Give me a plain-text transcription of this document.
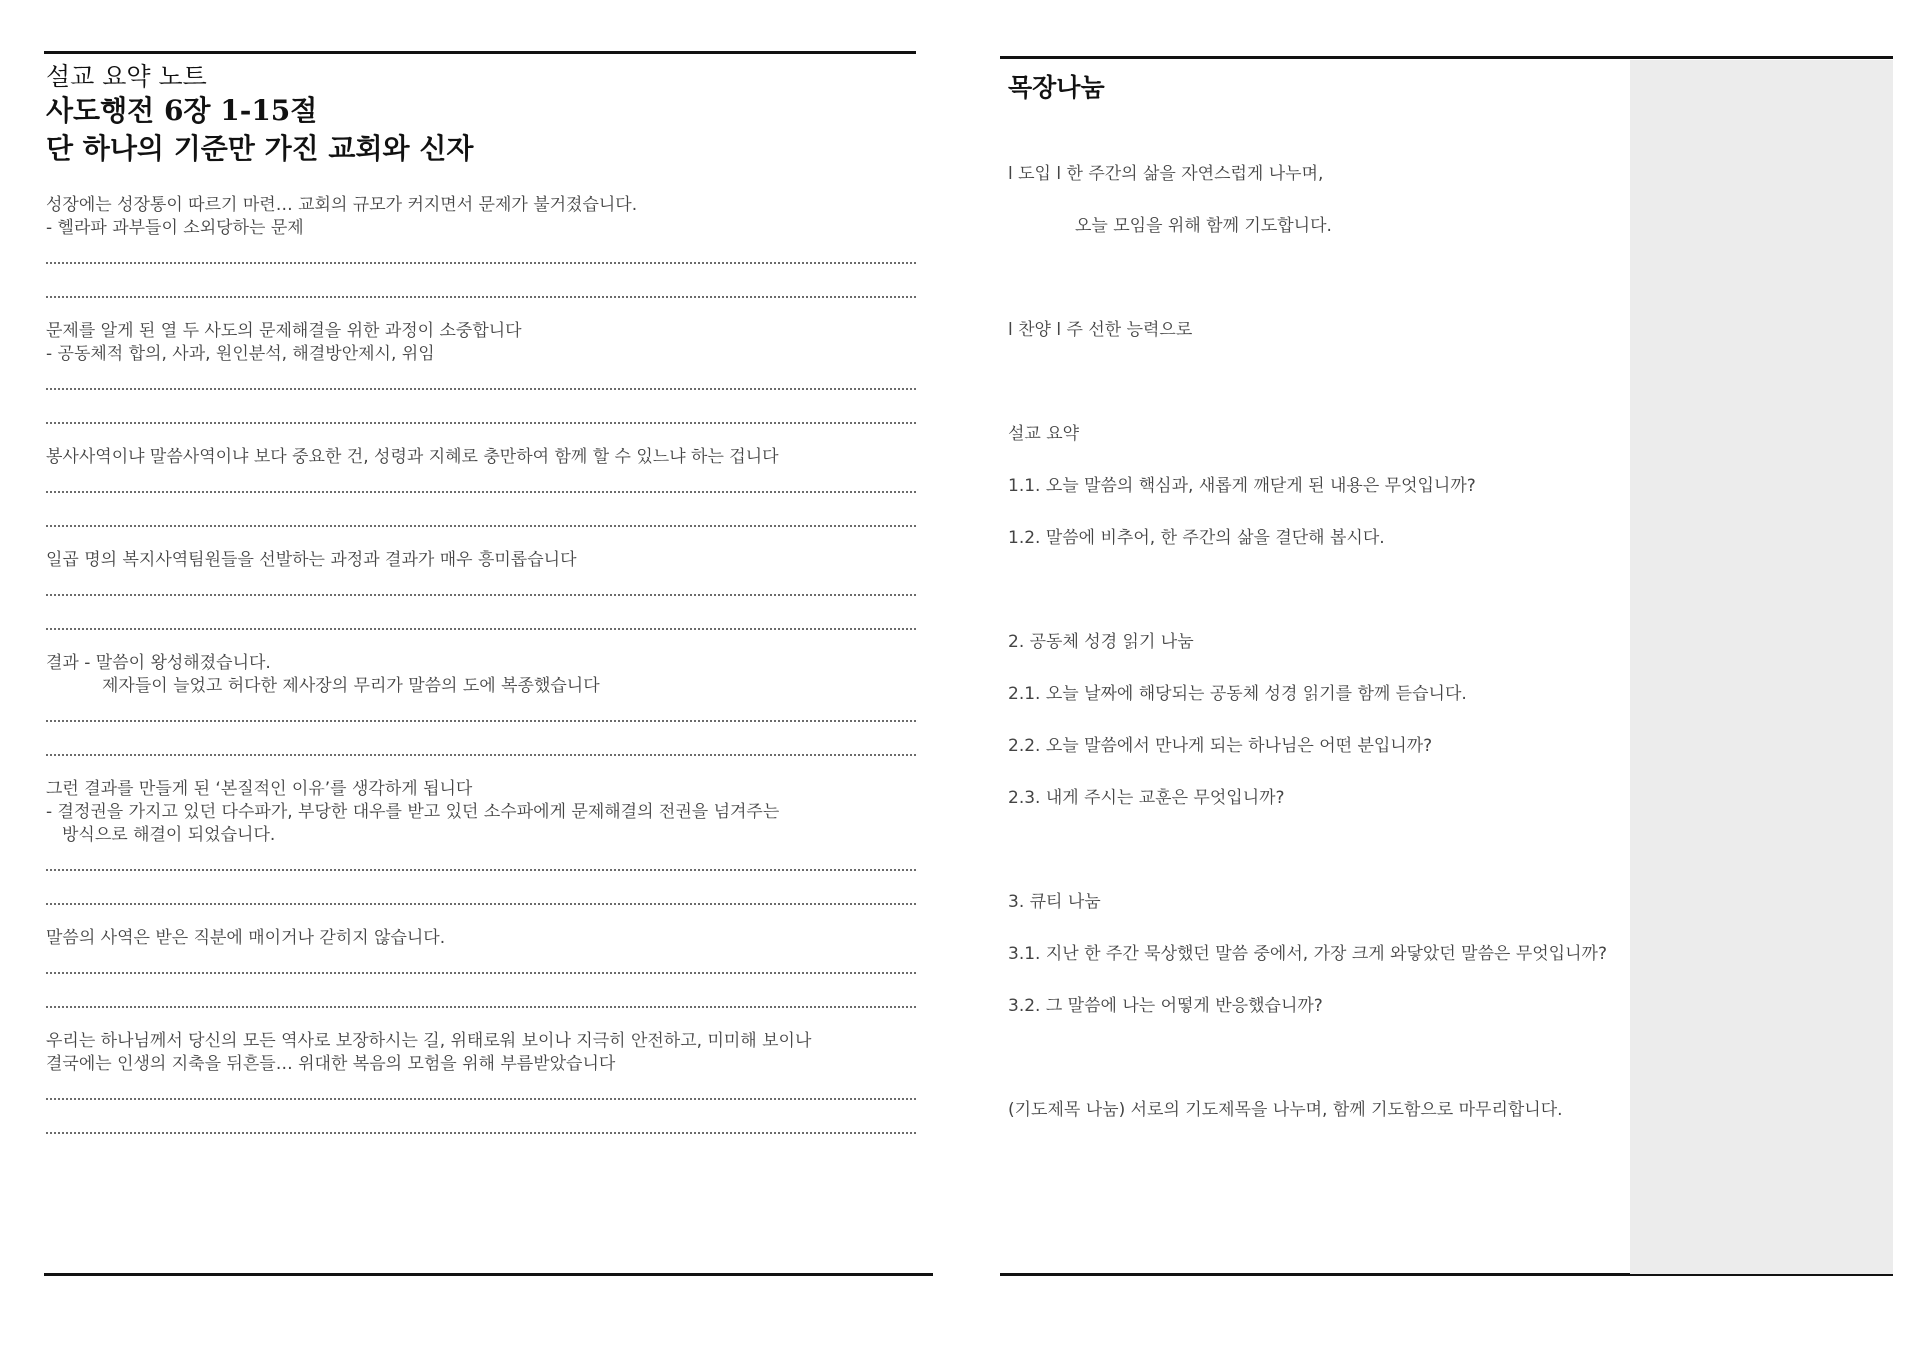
설교 요약 노트
사도행전 6장 1-15절
단 하나의 기준만 가진 교회와 신자
성장에는 성장통이 따르기 마련… 교회의 규모가 커지면서 문제가 불거졌습니다.
- 헬라파 과부들이 소외당하는 문제
문제를 알게 된 열 두 사도의 문제해결을 위한 과정이 소중합니다
- 공동체적 합의, 사과, 원인분석, 해결방안제시, 위임
봉사사역이냐 말씀사역이냐 보다 중요한 건, 성령과 지혜로 충만하여 함께 할 수 있느냐 하는 겁니다
일곱 명의 복지사역팀원들을 선발하는 과정과 결과가 매우 흥미롭습니다
결과 - 말씀이 왕성해졌습니다.
제자들이 늘었고 허다한 제사장의 무리가 말씀의 도에 복종했습니다
그런 결과를 만들게 된 ‘본질적인 이유’를 생각하게 됩니다
- 결정권을 가지고 있던 다수파가, 부당한 대우를 받고 있던 소수파에게 문제해결의 전권을 넘겨주는
방식으로 해결이 되었습니다.
말씀의 사역은 받은 직분에 매이거나 갇히지 않습니다.
우리는 하나님께서 당신의 모든 역사로 보장하시는 길, 위태로워 보이나 지극히 안전하고, 미미해 보이나
결국에는 인생의 지축을 뒤흔들… 위대한 복음의 모험을 위해 부름받았습니다
목장나눔
l 도입 l 한 주간의 삶을 자연스럽게 나누며,
오늘 모임을 위해 함께 기도합니다.
l 찬양 l 주 선한 능력으로
설교 요약
1.1. 오늘 말씀의 핵심과, 새롭게 깨닫게 된 내용은 무엇입니까?
1.2. 말씀에 비추어, 한 주간의 삶을 결단해 봅시다.
2. 공동체 성경 읽기 나눔
2.1. 오늘 날짜에 해당되는 공동체 성경 읽기를 함께 듣습니다.
2.2. 오늘 말씀에서 만나게 되는 하나님은 어떤 분입니까?
2.3. 내게 주시는 교훈은 무엇입니까?
3. 큐티 나눔
3.1. 지난 한 주간 묵상했던 말씀 중에서, 가장 크게 와닿았던 말씀은 무엇입니까?
3.2. 그 말씀에 나는 어떻게 반응했습니까?
(기도제목 나눔) 서로의 기도제목을 나누며, 함께 기도함으로 마무리합니다.
